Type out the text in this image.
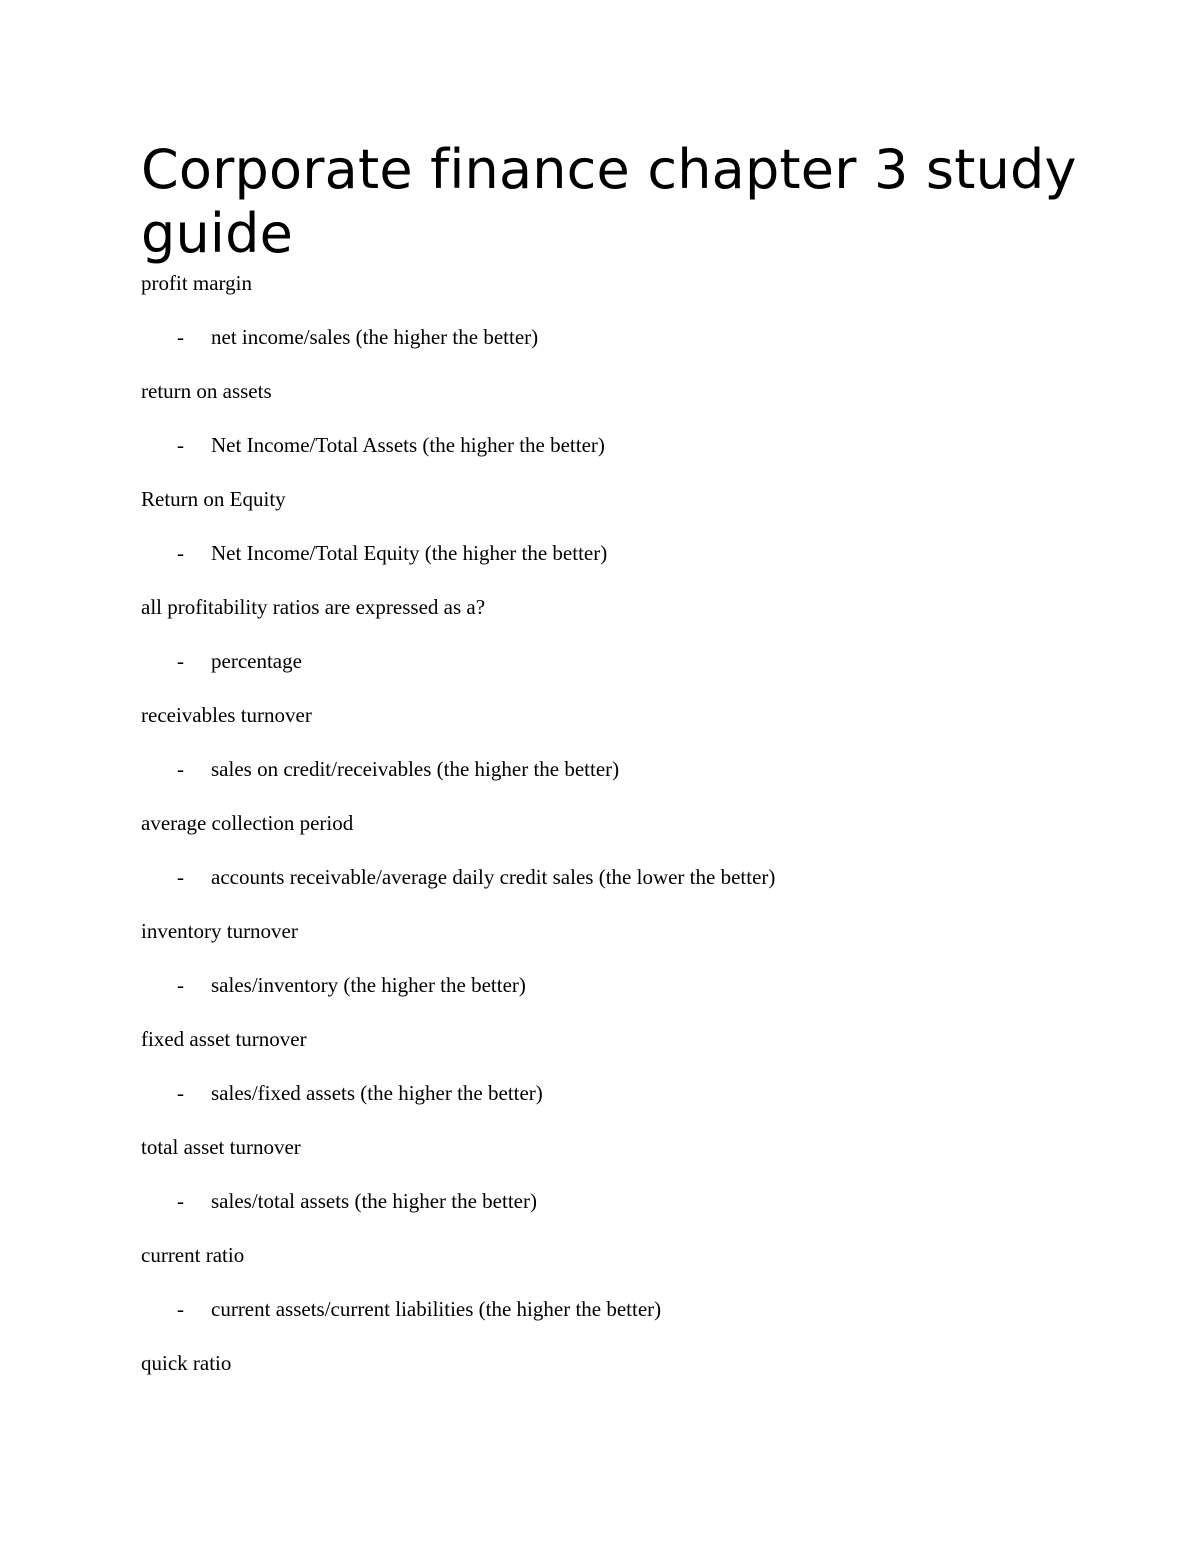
Corporate finance chapter 3 study guide
profit margin
- net income/sales (the higher the better)
return on assets
- Net Income/Total Assets (the higher the better)
Return on Equity
- Net Income/Total Equity (the higher the better)
all profitability ratios are expressed as a?
- percentage
receivables turnover
- sales on credit/receivables (the higher the better)
average collection period
- accounts receivable/average daily credit sales (the lower the better)
inventory turnover
- sales/inventory (the higher the better)
fixed asset turnover
- sales/fixed assets (the higher the better)
total asset turnover
- sales/total assets (the higher the better)
current ratio
- current assets/current liabilities (the higher the better)
quick ratio
